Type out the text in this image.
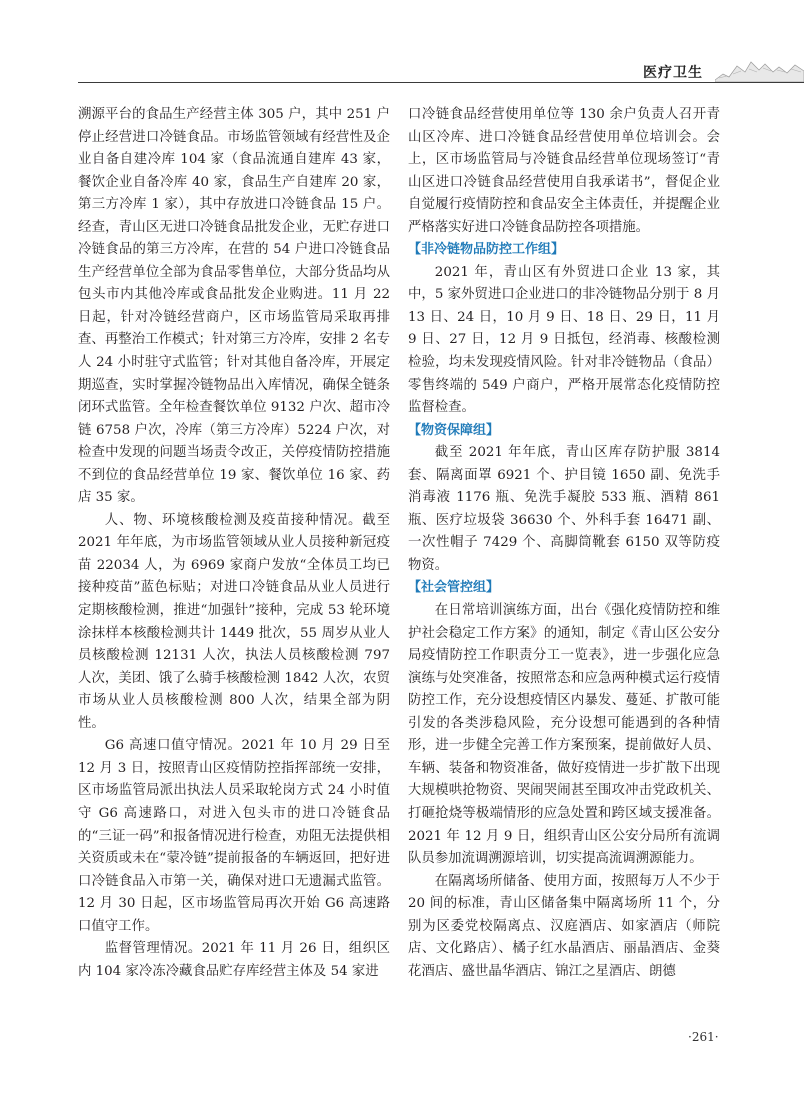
医疗卫生

溯源平台的食品生产经营主体 305 户，其中 251 户停止经营进口冷链食品。市场监管领域有经营性及企业自备自建冷库 104 家（食品流通自建库 43 家，餐饮企业自备冷库 40 家，食品生产自建库 20 家，第三方冷库 1 家），其中存放进口冷链食品 15 户。经查，青山区无进口冷链食品批发企业，无贮存进口冷链食品的第三方冷库，在营的 54 户进口冷链食品生产经营单位全部为食品零售单位，大部分货品均从包头市内其他冷库或食品批发企业购进。11 月 22 日起，针对冷链经营商户，区市场监管局采取再排查、再整治工作模式；针对第三方冷库，安排 2 名专人 24 小时驻守式监管；针对其他自备冷库，开展定期巡查，实时掌握冷链物品出入库情况，确保全链条闭环式监管。全年检查餐饮单位 9132 户次、超市冷链 6758 户次，冷库（第三方冷库）5224 户次，对检查中发现的问题当场责令改正，关停疫情防控措施不到位的食品经营单位 19 家、餐饮单位 16 家、药店 35 家。

人、物、环境核酸检测及疫苗接种情况。截至 2021 年年底，为市场监管领域从业人员接种新冠疫苗 22034 人，为 6969 家商户发放“全体员工均已接种疫苗”蓝色标贴；对进口冷链食品从业人员进行定期核酸检测，推进“加强针”接种，完成 53 轮环境涂抹样本核酸检测共计 1449 批次，55 周岁从业人员核酸检测 12131 人次，执法人员核酸检测 797 人次，美团、饿了么骑手核酸检测 1842 人次，农贸市场从业人员核酸检测 800 人次，结果全部为阴性。

G6 高速口值守情况。2021 年 10 月 29 日至 12 月 3 日，按照青山区疫情防控指挥部统一安排，区市场监管局派出执法人员采取轮岗方式 24 小时值守 G6 高速路口，对进入包头市的进口冷链食品的“三证一码”和报备情况进行检查，劝阻无法提供相关资质或未在“蒙冷链”提前报备的车辆返回，把好进口冷链食品入市第一关，确保对进口无遗漏式监管。12 月 30 日起，区市场监管局再次开始 G6 高速路口值守工作。

监督管理情况。2021 年 11 月 26 日，组织区内 104 家冷冻冷藏食品贮存库经营主体及 54 家进

口冷链食品经营使用单位等 130 余户负责人召开青山区冷库、进口冷链食品经营使用单位培训会。会上，区市场监管局与冷链食品经营单位现场签订“青山区进口冷链食品经营使用自我承诺书”，督促企业自觉履行疫情防控和食品安全主体责任，并提醒企业严格落实好进口冷链食品防控各项措施。

【非冷链物品防控工作组】

2021 年，青山区有外贸进口企业 13 家，其中，5 家外贸进口企业进口的非冷链物品分别于 8 月 13 日、24 日，10 月 9 日、18 日、29 日，11 月 9 日、27 日，12 月 9 日抵包，经消毒、核酸检测检验，均未发现疫情风险。针对非冷链物品（食品）零售终端的 549 户商户，严格开展常态化疫情防控监督检查。

【物资保障组】

截至 2021 年年底，青山区库存防护服 3814 套、隔离面罩 6921 个、护目镜 1650 副、免洗手消毒液 1176 瓶、免洗手凝胶 533 瓶、酒精 861 瓶、医疗垃圾袋 36630 个、外科手套 16471 副、一次性帽子 7429 个、高脚筒靴套 6150 双等防疫物资。

【社会管控组】

在日常培训演练方面，出台《强化疫情防控和维护社会稳定工作方案》的通知，制定《青山区公安分局疫情防控工作职责分工一览表》，进一步强化应急演练与处突准备，按照常态和应急两种模式运行疫情防控工作，充分设想疫情区内暴发、蔓延、扩散可能引发的各类涉稳风险，充分设想可能遇到的各种情形，进一步健全完善工作方案预案，提前做好人员、车辆、装备和物资准备，做好疫情进一步扩散下出现大规模哄抢物资、哭闹哭闹甚至围攻冲击党政机关、打砸抢烧等极端情形的应急处置和跨区域支援准备。2021 年 12 月 9 日，组织青山区公安分局所有流调队员参加流调溯源培训，切实提高流调溯源能力。

在隔离场所储备、使用方面，按照每万人不少于 20 间的标准，青山区储备集中隔离场所 11 个，分别为区委党校隔离点、汉庭酒店、如家酒店（师院店、文化路店）、橘子红水晶酒店、丽晶酒店、金葵花酒店、盛世晶华酒店、锦江之星酒店、朗德

·261·
